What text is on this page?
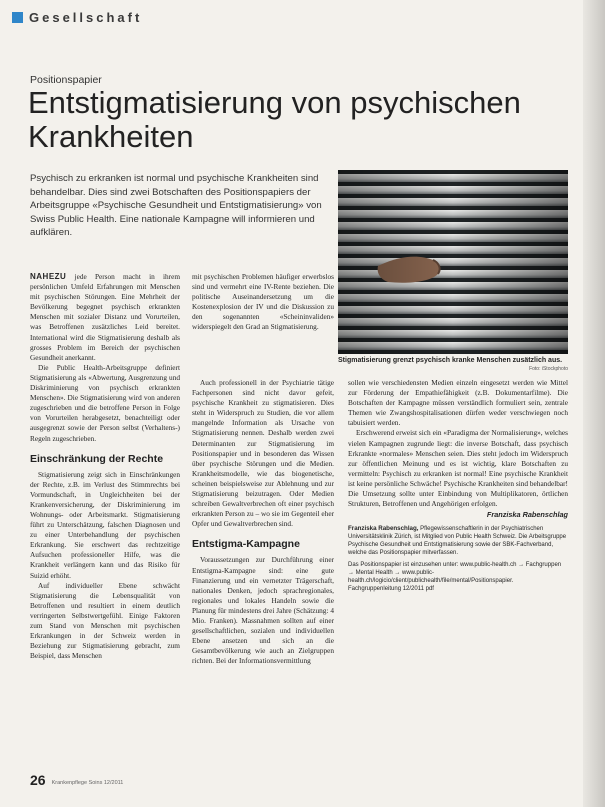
Gesellschaft
Positionspapier
Entstigmatisierung von psychischen Krankheiten

Psychisch zu erkranken ist normal und psychische Krankheiten sind behandelbar. Dies sind zwei Botschaften des Positionspapiers der Arbeitsgruppe «Psychische Gesundheit und Entstigmatisierung» von Swiss Public Health. Eine nationale Kampagne will informieren und aufklären.

Stigmatisierung grenzt psychisch kranke Menschen zusätzlich aus.
Foto: iStockphoto

NAHEZU jede Person macht in ihrem persönlichen Umfeld Erfahrungen mit Menschen mit psychischen Störungen. Eine Mehrheit der Bevölkerung begegnet psychisch erkrankten Menschen mit sozialer Distanz und Vorurteilen, was Betroffenen zusätzliches Leid bereitet. International wird die Stigmatisierung deshalb als grosses Problem im Bereich der psychischen Gesundheit anerkannt.

Die Public Health-Arbeitsgruppe definiert Stigmatisierung als «Abwertung, Ausgrenzung und Diskriminierung von psychisch erkrankten Menschen». Die Stigmatisierung wird von anderen zugeschrieben und die betroffene Person in Folge von Vorurteilen herabgesetzt, benachteiligt oder ausgegrenzt sowie der Person selbst (Verhaltens-) Regeln zugeschrieben.

Einschränkung der Rechte

Stigmatisierung zeigt sich in Einschränkungen der Rechte, z.B. im Verlust des Stimmrechts bei Vormundschaft, in Ungleichheiten bei der Krankenversicherung, der Diskriminierung im Wohnungs- oder Arbeitsmarkt. Stigmatisierung führt zu Unterschätzung, falschen Diagnosen und zu einer Unterbehandlung der psychischen Erkrankung. Sie erschwert das rechtzeitige Aufsuchen professioneller Hilfe, was die Krankheit verlängern kann und das Risiko für Suizid erhöht.

Auf individueller Ebene schwächt Stigmatisierung die Lebensqualität von Betroffenen und resultiert in einem deutlich verringerten Selbstwertgefühl. Einige Faktoren zum Stand von Menschen mit psychischen Erkrankungen in der Schweiz werden in Beziehung zur Stigmatisierung gebracht, zum Beispiel, dass Menschen

mit psychischen Problemen häufiger erwerbslos sind und vermehrt eine IV-Rente beziehen. Die politische Auseinandersetzung um die Kostenexplosion der IV und die Diskussion zu den sogenannten «Scheininvaliden» widerspiegelt den Grad an Stigmatisierung.

Auch professionell in der Psychiatrie tätige Fachpersonen sind nicht davor gefeit, psychische Krankheit zu stigmatisieren. Dies steht in Widerspruch zu Studien, die vor allem mangelnde Information als Ursache von Stigmatisierung nennen. Deshalb werden zwei Determinanten zur Stigmatisierung im Positionspapier und in besonderen das Wissen über psychische Störungen und die Medien. Krankheitsmodelle, wie das biogenetische, scheinen beispielsweise zur Ablehnung und zur Stigmatisierung beizutragen. Oder Medien schreiben Gewaltverbrechen oft einer psychisch erkrankten Person zu – wo sie im Gegenteil eher Opfer und Gewaltverbrechen sind.

Entstigma-Kampagne

Voraussetzungen zur Durchführung einer Entstigma-Kampagne sind: eine gute Finanzierung und ein vernetzter Trägerschaft, nationales Denken, jedoch sprachregionales, regionales und lokales Handeln sowie die Planung für mindestens drei Jahre (Schätzung: 4 Mio. Franken). Massnahmen sollten auf einer gesellschaftlichen, sozialen und individuellen Ebene ansetzen und sich an die Gesamtbevölkerung wie auch an Zielgruppen richten. Bei der Informationsvermittlung

sollen wie verschiedensten Medien einzeln eingesetzt werden wie Mittel zur Förderung der Empathiefähigkeit (z.B. Dokumentarfilme). Die Botschaften der Kampagne müssen verständlich formuliert sein, zentrale Themen wie Zwangshospitalisationen dürfen weder verschwiegen noch tabuisiert werden.

Erschwerend erweist sich ein «Paradigma der Normalisierung», welches vielen Kampagnen zugrunde liegt: die inverse Botschaft, dass psychisch Erkrankte «normales» Menschen seien. Dies steht jedoch im Widerspruch zur öffentlichen Meinung und es ist wichtig, klare Botschaften zu vermitteln: Psychisch zu erkranken ist normal! Eine psychische Krankheit ist keine persönliche Schwäche! Psychische Krankheiten sind behandelbar! Die Umsetzung sollte unter Einbindung von Multiplikatoren, örtlichen Strukturen, Betroffenen und Angehörigen erfolgen.

Franziska Rabenschlag
Franziska Rabenschlag, Pflegewissenschaftlerin in der Psychiatrischen Universitätsklinik Zürich, ist Mitglied von Public Health Schweiz. Die Arbeitsgruppe Psychische Gesundheit und Entstigmatisierung sowie der SBK-Fachverband, welche das Positionspapier mitverfassen.
Das Positionspapier ist einzusehen unter: www.public-health.ch → Fachgruppen → Mental Health → www.public-health.ch/logicio/client/publichealth/file/mental/Positionspapier. Fachgruppenleitung 12/2011 pdf
26 Krankenpflege Soins 12/2011
